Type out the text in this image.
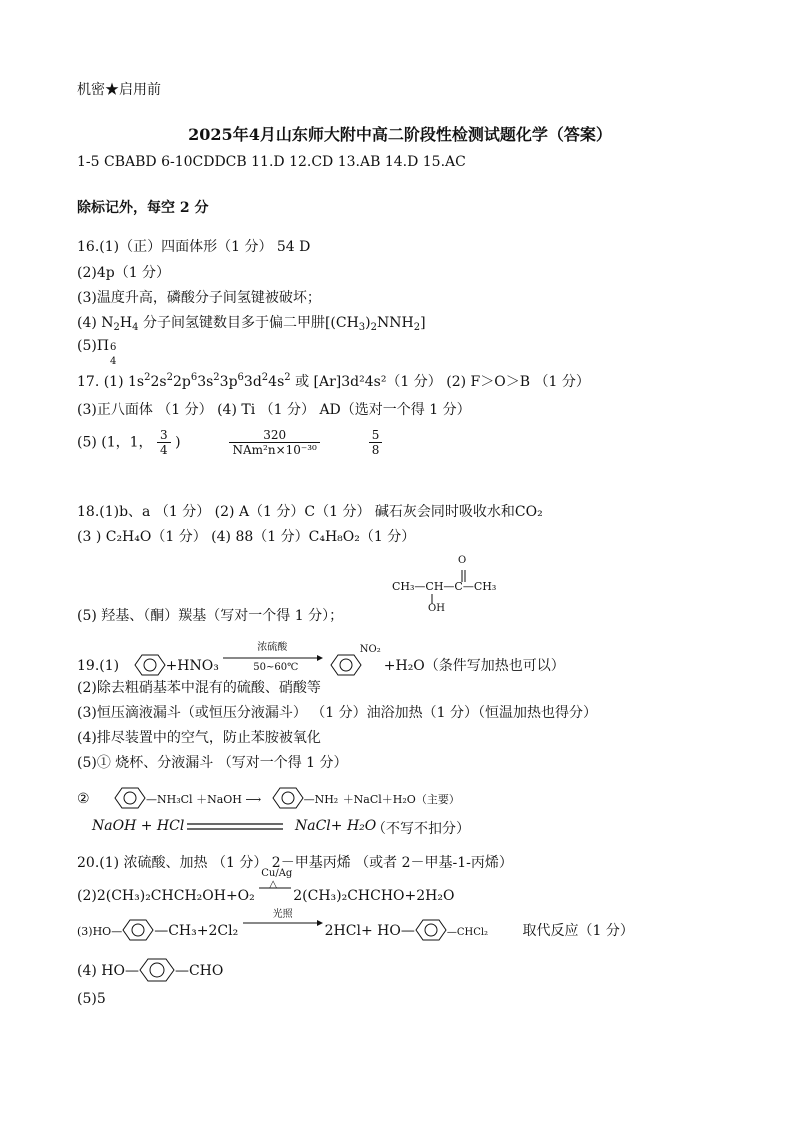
机密★启用前
2025年4月山东师大附中高二阶段性检测试题化学（答案）
1-5 CBABD 6-10CDDCB 11.D 12.CD 13.AB 14.D 15.AC
除标记外，每空 2 分
16.(1)（正）四面体形（1 分） 54 D
(2)4p（1 分）
(3)温度升高，磷酸分子间氢键被破坏；
(4) $N_2H_4$ 分子间氢键数目多于偏二甲肼$[(CH_3)_2NNH_2]$
(5)Π 6
4
17. (1) $1s^22s^22p^63s^23p^63d^24s^2$ 或 [Ar]3d²4s²（1 分） (2) F＞O＞B （1 分）
(3)正八面体 （1 分） (4) Ti （1 分） AD（选对一个得 1 分）
(5) (1，1， $\frac{3}{4}$ )	$\frac{320}{\text{NAm²n×10⁻³⁰}}$
	$\frac{5}{8}$
18.(1)b、a （1 分） (2) A（1 分）C（1 分） 碱石灰会同时吸收水和CO₂
(3 ) C₂H₄O（1 分） (4) 88（1 分）C₄H₈O₂（1 分）
O
CH₃—CH—C—CH₃
OH
(5) 羟基、（酮）羰基（写对一个得 1 分）；
19.(1)	+HNO₃
浓硫酸
50~60℃

NO₂
+H₂O（条件写加热也可以）
(2)除去粗硝基苯中混有的硫酸、硝酸等
(3)恒压滴液漏斗（或恒压分液漏斗） （1 分）油浴加热（1 分）（恒温加热也得分）
(4)排尽装置中的空气，防止苯胺被氧化
(5)① 烧杯、分液漏斗 （写对一个得 1 分）
②	—NH₃Cl ＋NaOH ⟶	—NH₂ ＋NaCl＋H₂O（主要）
NaOH + HCl	NaCl+ H₂O
（不写不扣分）
20.(1) 浓硫酸、加热 （1 分） 2－甲基丙烯 （或者 2－甲基-1-丙烯）
(2)2(CH₃)₂CHCH₂OH+O₂
Cu/Ag
△
2(CH₃)₂CHCHO+2H₂O
(3)HO— —CH₃+2Cl₂
光照
2HCl+ HO—	—CHCl₂ 取代反应（1 分）
(4) HO—	—CHO
(5)5
